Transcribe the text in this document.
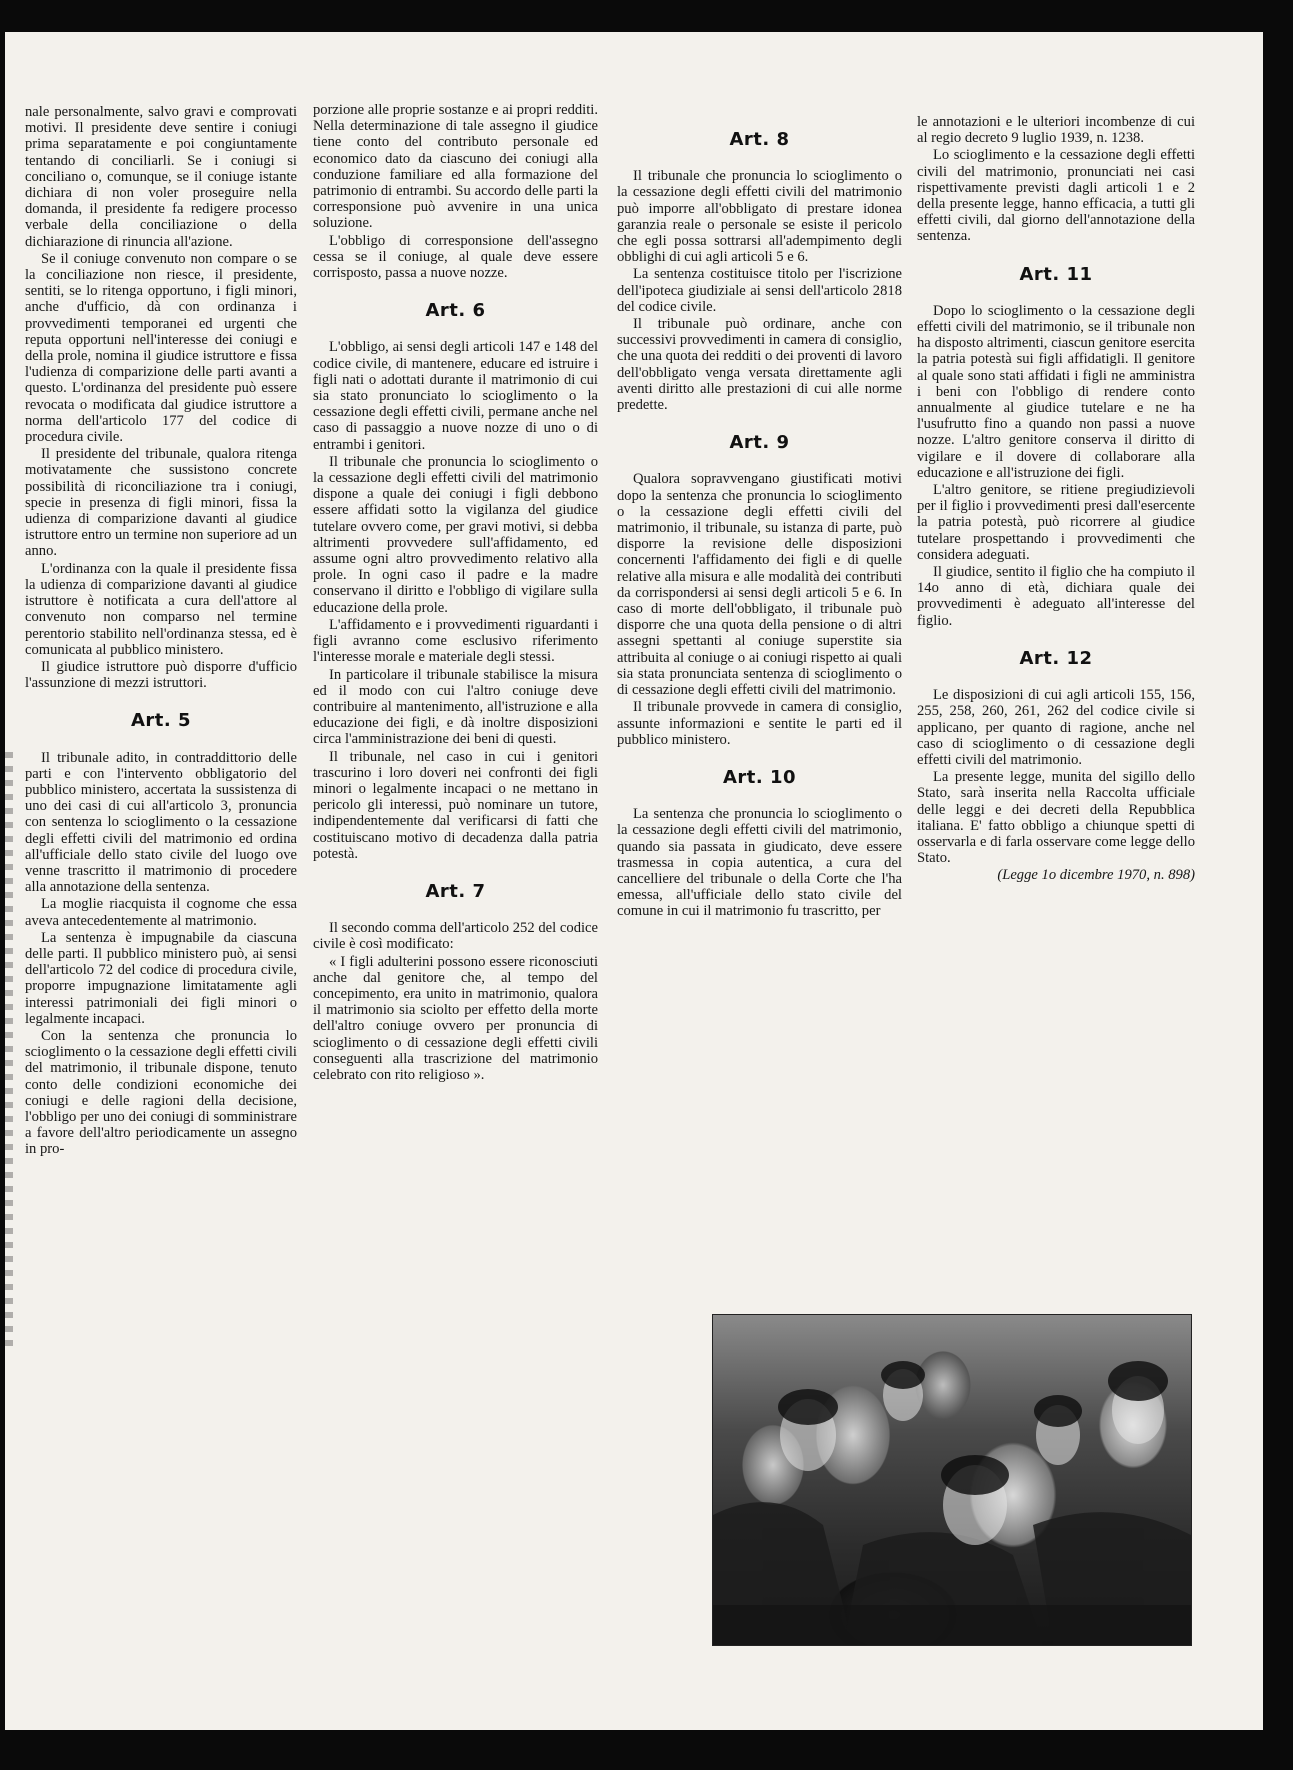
nale personalmente, salvo gravi e comprovati motivi. Il presidente deve sentire i coniugi prima separatamente e poi congiuntamente tentando di conciliarli. Se i coniugi si conciliano o, comunque, se il coniuge istante dichiara di non voler proseguire nella domanda, il presidente fa redigere processo verbale della conciliazione o della dichiarazione di rinuncia all'azione.

Se il coniuge convenuto non compare o se la conciliazione non riesce, il presidente, sentiti, se lo ritenga opportuno, i figli minori, anche d'ufficio, dà con ordinanza i provvedimenti temporanei ed urgenti che reputa opportuni nell'interesse dei coniugi e della prole, nomina il giudice istruttore e fissa l'udienza di comparizione delle parti avanti a questo. L'ordinanza del presidente può essere revocata o modificata dal giudice istruttore a norma dell'articolo 177 del codice di procedura civile.

Il presidente del tribunale, qualora ritenga motivatamente che sussistono concrete possibilità di riconciliazione tra i coniugi, specie in presenza di figli minori, fissa la udienza di comparizione davanti al giudice istruttore entro un termine non superiore ad un anno.

L'ordinanza con la quale il presidente fissa la udienza di comparizione davanti al giudice istruttore è notificata a cura dell'attore al convenuto non comparso nel termine perentorio stabilito nell'ordinanza stessa, ed è comunicata al pubblico ministero.

Il giudice istruttore può disporre d'ufficio l'assunzione di mezzi istruttori.

Art. 5

Il tribunale adito, in contraddittorio delle parti e con l'intervento obbligatorio del pubblico ministero, accertata la sussistenza di uno dei casi di cui all'articolo 3, pronuncia con sentenza lo scioglimento o la cessazione degli effetti civili del matrimonio ed ordina all'ufficiale dello stato civile del luogo ove venne trascritto il matrimonio di procedere alla annotazione della sentenza.

La moglie riacquista il cognome che essa aveva antecedentemente al matrimonio.

La sentenza è impugnabile da ciascuna delle parti. Il pubblico ministero può, ai sensi dell'articolo 72 del codice di procedura civile, proporre impugnazione limitatamente agli interessi patrimoniali dei figli minori o legalmente incapaci.

Con la sentenza che pronuncia lo scioglimento o la cessazione degli effetti civili del matrimonio, il tribunale dispone, tenuto conto delle condizioni economiche dei coniugi e delle ragioni della decisione, l'obbligo per uno dei coniugi di somministrare a favore dell'altro periodicamente un assegno in pro-

porzione alle proprie sostanze e ai propri redditi. Nella determinazione di tale assegno il giudice tiene conto del contributo personale ed economico dato da ciascuno dei coniugi alla conduzione familiare ed alla formazione del patrimonio di entrambi. Su accordo delle parti la corresponsione può avvenire in una unica soluzione.

L'obbligo di corresponsione dell'assegno cessa se il coniuge, al quale deve essere corrisposto, passa a nuove nozze.

Art. 6

L'obbligo, ai sensi degli articoli 147 e 148 del codice civile, di mantenere, educare ed istruire i figli nati o adottati durante il matrimonio di cui sia stato pronunciato lo scioglimento o la cessazione degli effetti civili, permane anche nel caso di passaggio a nuove nozze di uno o di entrambi i genitori.

Il tribunale che pronuncia lo scioglimento o la cessazione degli effetti civili del matrimonio dispone a quale dei coniugi i figli debbono essere affidati sotto la vigilanza del giudice tutelare ovvero come, per gravi motivi, si debba altrimenti provvedere sull'affidamento, ed assume ogni altro provvedimento relativo alla prole. In ogni caso il padre e la madre conservano il diritto e l'obbligo di vigilare sulla educazione della prole.

L'affidamento e i provvedimenti riguardanti i figli avranno come esclusivo riferimento l'interesse morale e materiale degli stessi.

In particolare il tribunale stabilisce la misura ed il modo con cui l'altro coniuge deve contribuire al mantenimento, all'istruzione e alla educazione dei figli, e dà inoltre disposizioni circa l'amministrazione dei beni di questi.

Il tribunale, nel caso in cui i genitori trascurino i loro doveri nei confronti dei figli minori o legalmente incapaci o ne mettano in pericolo gli interessi, può nominare un tutore, indipendentemente dal verificarsi di fatti che costituiscano motivo di decadenza dalla patria potestà.

Art. 7

Il secondo comma dell'articolo 252 del codice civile è così modificato:

« I figli adulterini possono essere riconosciuti anche dal genitore che, al tempo del concepimento, era unito in matrimonio, qualora il matrimonio sia sciolto per effetto della morte dell'altro coniuge ovvero per pronuncia di scioglimento o di cessazione degli effetti civili conseguenti alla trascrizione del matrimonio celebrato con rito religioso ».

Art. 8

Il tribunale che pronuncia lo scioglimento o la cessazione degli effetti civili del matrimonio può imporre all'obbligato di prestare idonea garanzia reale o personale se esiste il pericolo che egli possa sottrarsi all'adempimento degli obblighi di cui agli articoli 5 e 6.

La sentenza costituisce titolo per l'iscrizione dell'ipoteca giudiziale ai sensi dell'articolo 2818 del codice civile.

Il tribunale può ordinare, anche con successivi provvedimenti in camera di consiglio, che una quota dei redditi o dei proventi di lavoro dell'obbligato venga versata direttamente agli aventi diritto alle prestazioni di cui alle norme predette.

Art. 9

Qualora sopravvengano giustificati motivi dopo la sentenza che pronuncia lo scioglimento o la cessazione degli effetti civili del matrimonio, il tribunale, su istanza di parte, può disporre la revisione delle disposizioni concernenti l'affidamento dei figli e di quelle relative alla misura e alle modalità dei contributi da corrispondersi ai sensi degli articoli 5 e 6. In caso di morte dell'obbligato, il tribunale può disporre che una quota della pensione o di altri assegni spettanti al coniuge superstite sia attribuita al coniuge o ai coniugi rispetto ai quali sia stata pronunciata sentenza di scioglimento o di cessazione degli effetti civili del matrimonio.

Il tribunale provvede in camera di consiglio, assunte informazioni e sentite le parti ed il pubblico ministero.

Art. 10

La sentenza che pronuncia lo scioglimento o la cessazione degli effetti civili del matrimonio, quando sia passata in giudicato, deve essere trasmessa in copia autentica, a cura del cancelliere del tribunale o della Corte che l'ha emessa, all'ufficiale dello stato civile del comune in cui il matrimonio fu trascritto, per

le annotazioni e le ulteriori incombenze di cui al regio decreto 9 luglio 1939, n. 1238.

Lo scioglimento e la cessazione degli effetti civili del matrimonio, pronunciati nei casi rispettivamente previsti dagli articoli 1 e 2 della presente legge, hanno efficacia, a tutti gli effetti civili, dal giorno dell'annotazione della sentenza.

Art. 11

Dopo lo scioglimento o la cessazione degli effetti civili del matrimonio, se il tribunale non ha disposto altrimenti, ciascun genitore esercita la patria potestà sui figli affidatigli. Il genitore al quale sono stati affidati i figli ne amministra i beni con l'obbligo di rendere conto annualmente al giudice tutelare e ne ha l'usufrutto fino a quando non passi a nuove nozze. L'altro genitore conserva il diritto di vigilare e il dovere di collaborare alla educazione e all'istruzione dei figli.

L'altro genitore, se ritiene pregiudizievoli per il figlio i provvedimenti presi dall'esercente la patria potestà, può ricorrere al giudice tutelare prospettando i provvedimenti che considera adeguati.

Il giudice, sentito il figlio che ha compiuto il 14o anno di età, dichiara quale dei provvedimenti è adeguato all'interesse del figlio.

Art. 12

Le disposizioni di cui agli articoli 155, 156, 255, 258, 260, 261, 262 del codice civile si applicano, per quanto di ragione, anche nel caso di scioglimento o di cessazione degli effetti civili del matrimonio.

La presente legge, munita del sigillo dello Stato, sarà inserita nella Raccolta ufficiale delle leggi e dei decreti della Repubblica italiana. E' fatto obbligo a chiunque spetti di osservarla e di farla osservare come legge dello Stato.

(Legge 1o dicembre 1970, n. 898)
